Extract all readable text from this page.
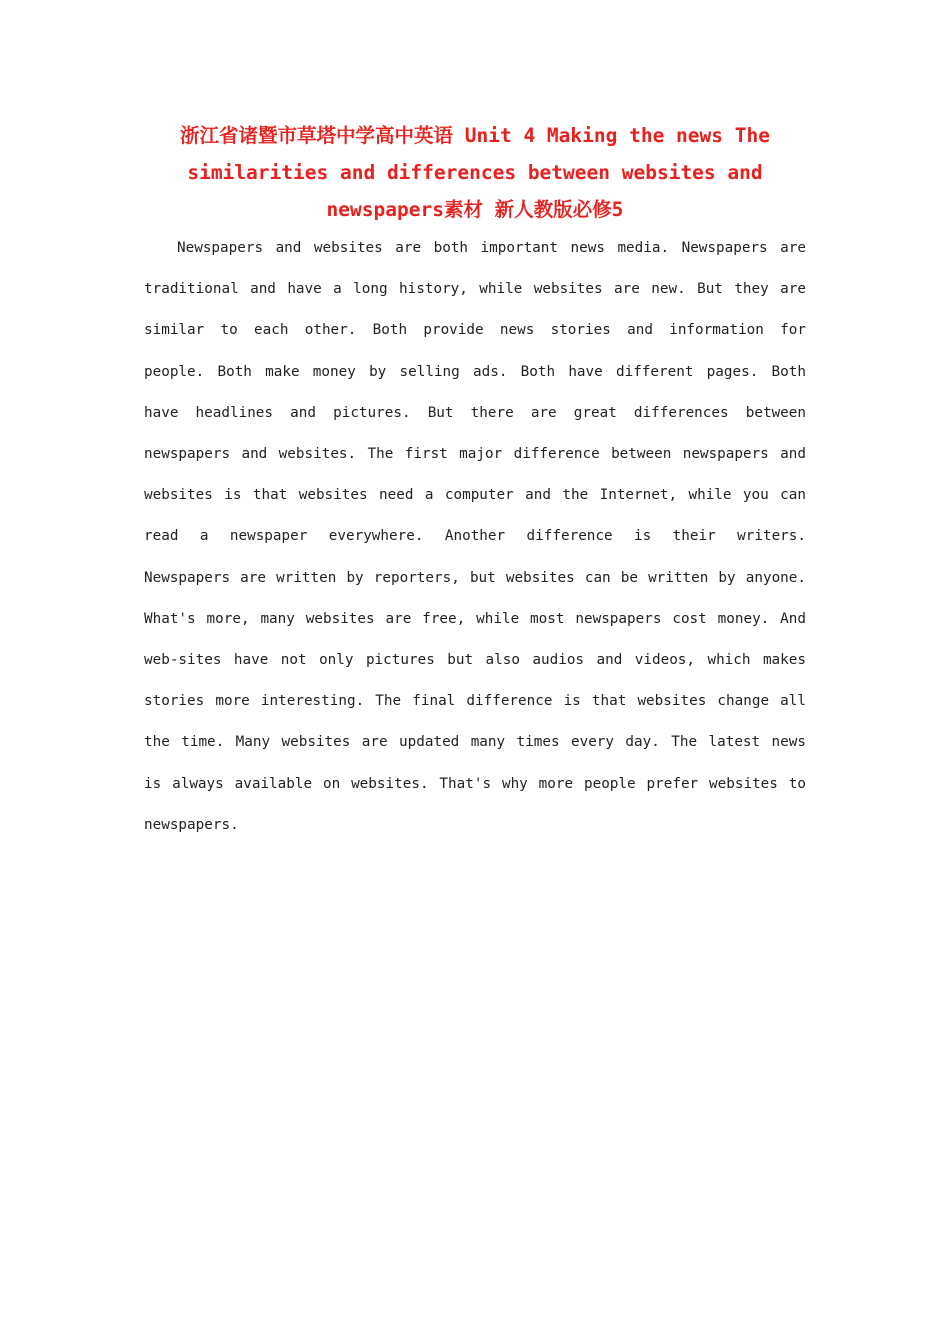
浙江省诸暨市草塔中学高中英语 Unit 4 Making the news The similarities and differences between websites and newspapers素材 新人教版必修5

Newspapers and websites are both important news media. Newspapers are traditional and have a long history, while websites are new. But they are similar to each other. Both provide news stories and information for people. Both make money by selling ads. Both have different pages. Both have headlines and pictures. But there are great differences between newspapers and websites. The first major difference between newspapers and websites is that websites need a computer and the Internet, while you can read a newspaper everywhere. Another difference is their writers. Newspapers are written by reporters, but websites can be written by anyone. What's more, many websites are free, while most newspapers cost money. And web-sites have not only pictures but also audios and videos, which makes stories more interesting. The final difference is that websites change all the time. Many websites are updated many times every day. The latest news is always available on websites. That's why more people prefer websites to newspapers.
